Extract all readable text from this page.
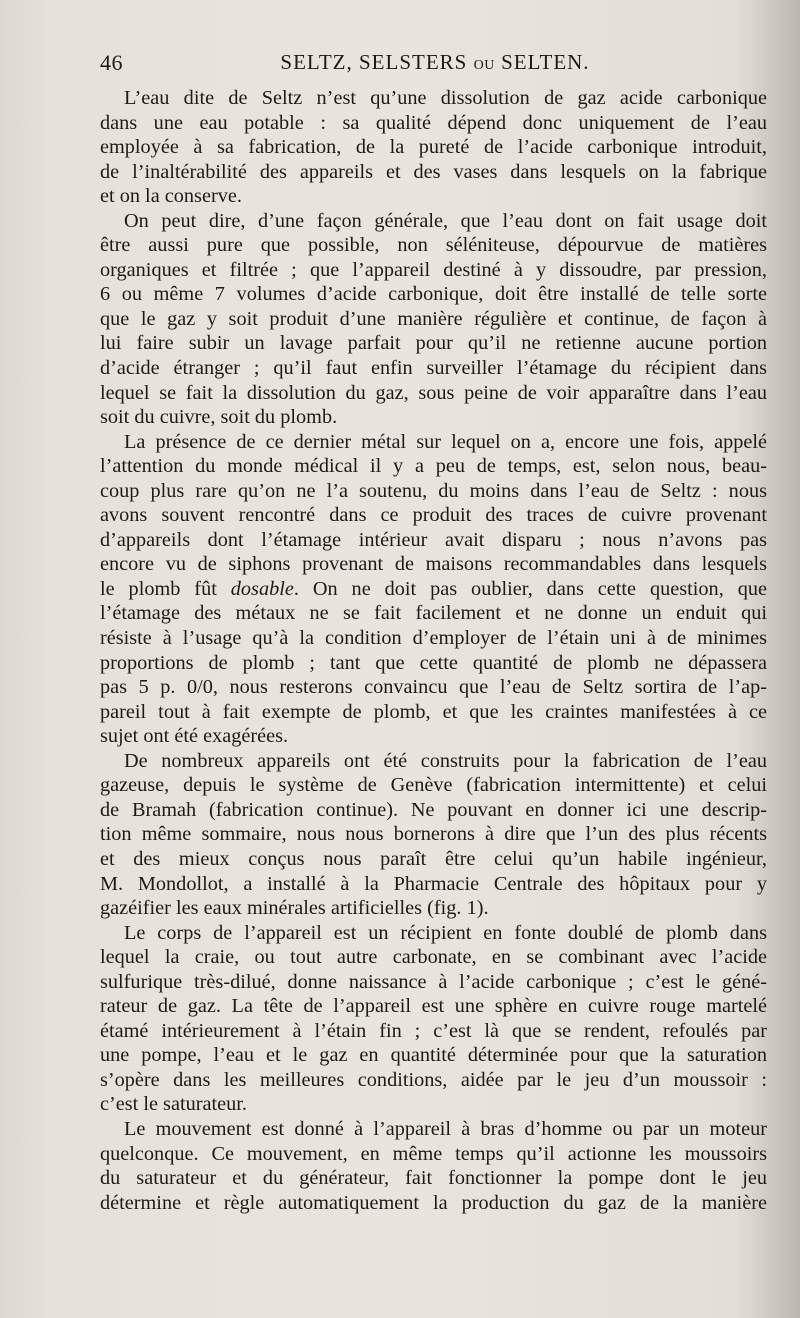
46	SELTZ, SELSTERS OU SELTEN.
L’eau dite de Seltz n’est qu’une dissolution de gaz acide carbonique
dans une eau potable : sa qualité dépend donc uniquement de l’eau
employée à sa fabrication, de la pureté de l’acide carbonique introduit,
de l’inaltérabilité des appareils et des vases dans lesquels on la fabrique
et on la conserve.
On peut dire, d’une façon générale, que l’eau dont on fait usage doit
être aussi pure que possible, non séléniteuse, dépourvue de matières
organiques et filtrée ; que l’appareil destiné à y dissoudre, par pression,
6 ou même 7 volumes d’acide carbonique, doit être installé de telle sorte
que le gaz y soit produit d’une manière régulière et continue, de façon à
lui faire subir un lavage parfait pour qu’il ne retienne aucune portion
d’acide étranger ; qu’il faut enfin surveiller l’étamage du récipient dans
lequel se fait la dissolution du gaz, sous peine de voir apparaître dans l’eau
soit du cuivre, soit du plomb.
La présence de ce dernier métal sur lequel on a, encore une fois, appelé
l’attention du monde médical il y a peu de temps, est, selon nous, beau-
coup plus rare qu’on ne l’a soutenu, du moins dans l’eau de Seltz : nous
avons souvent rencontré dans ce produit des traces de cuivre provenant
d’appareils dont l’étamage intérieur avait disparu ; nous n’avons pas
encore vu de siphons provenant de maisons recommandables dans lesquels
le plomb fût dosable. On ne doit pas oublier, dans cette question, que
l’étamage des métaux ne se fait facilement et ne donne un enduit qui
résiste à l’usage qu’à la condition d’employer de l’étain uni à de minimes
proportions de plomb ; tant que cette quantité de plomb ne dépassera
pas 5 p. 0/0, nous resterons convaincu que l’eau de Seltz sortira de l’ap-
pareil tout à fait exempte de plomb, et que les craintes manifestées à ce
sujet ont été exagérées.
De nombreux appareils ont été construits pour la fabrication de l’eau
gazeuse, depuis le système de Genève (fabrication intermittente) et celui
de Bramah (fabrication continue). Ne pouvant en donner ici une descrip-
tion même sommaire, nous nous bornerons à dire que l’un des plus récents
et des mieux conçus nous paraît être celui qu’un habile ingénieur,
M. Mondollot, a installé à la Pharmacie Centrale des hôpitaux pour y
gazéifier les eaux minérales artificielles (fig. 1).
Le corps de l’appareil est un récipient en fonte doublé de plomb dans
lequel la craie, ou tout autre carbonate, en se combinant avec l’acide
sulfurique très-dilué, donne naissance à l’acide carbonique ; c’est le géné-
rateur de gaz. La tête de l’appareil est une sphère en cuivre rouge martelé
étamé intérieurement à l’étain fin ; c’est là que se rendent, refoulés par
une pompe, l’eau et le gaz en quantité déterminée pour que la saturation
s’opère dans les meilleures conditions, aidée par le jeu d’un moussoir :
c’est le saturateur.
Le mouvement est donné à l’appareil à bras d’homme ou par un moteur
quelconque. Ce mouvement, en même temps qu’il actionne les moussoirs
du saturateur et du générateur, fait fonctionner la pompe dont le jeu
détermine et règle automatiquement la production du gaz de la manière
